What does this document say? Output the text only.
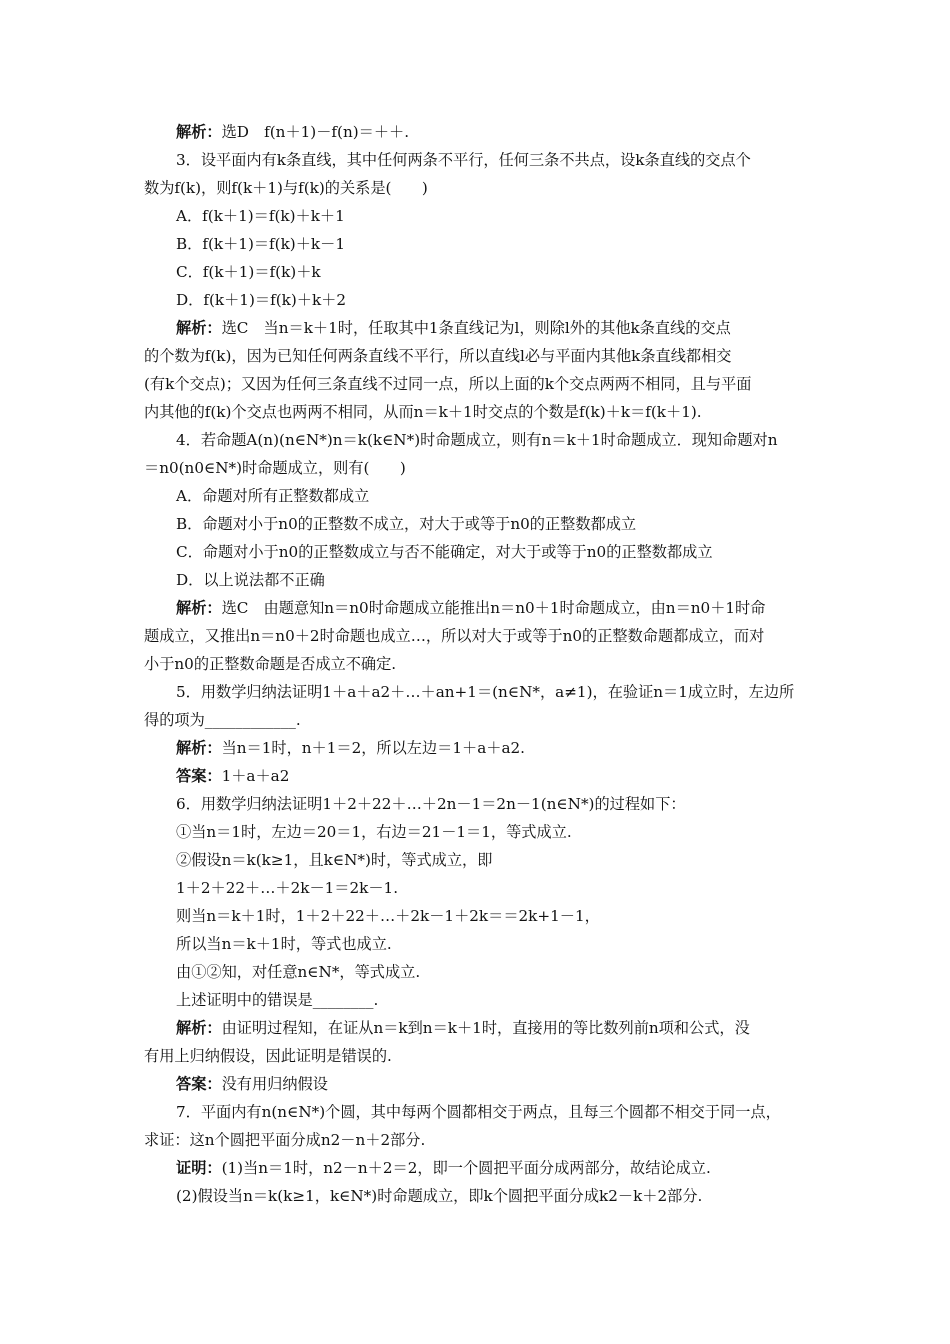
解析：选D　f(n＋1)－f(n)＝＋＋.

3．设平面内有k条直线，其中任何两条不平行，任何三条不共点，设k条直线的交点个

数为f(k)，则f(k＋1)与f(k)的关系是(　　)

A．f(k＋1)＝f(k)＋k＋1

B．f(k＋1)＝f(k)＋k－1

C．f(k＋1)＝f(k)＋k

D．f(k＋1)＝f(k)＋k＋2

解析：选C　当n＝k＋1时，任取其中1条直线记为l，则除l外的其他k条直线的交点

的个数为f(k)，因为已知任何两条直线不平行，所以直线l必与平面内其他k条直线都相交

(有k个交点)；又因为任何三条直线不过同一点，所以上面的k个交点两两不相同，且与平面

内其他的f(k)个交点也两两不相同，从而n＝k＋1时交点的个数是f(k)＋k＝f(k＋1).

4．若命题A(n)(n∈N*)n＝k(k∈N*)时命题成立，则有n＝k＋1时命题成立．现知命题对n

＝n0(n0∈N*)时命题成立，则有(　　)

A．命题对所有正整数都成立

B．命题对小于n0的正整数不成立，对大于或等于n0的正整数都成立

C．命题对小于n0的正整数成立与否不能确定，对大于或等于n0的正整数都成立

D．以上说法都不正确

解析：选C　由题意知n＝n0时命题成立能推出n＝n0＋1时命题成立，由n＝n0＋1时命

题成立，又推出n＝n0＋2时命题也成立…，所以对大于或等于n0的正整数命题都成立，而对

小于n0的正整数命题是否成立不确定.

5．用数学归纳法证明1＋a＋a2＋…＋an+1＝(n∈N*，a≠1)，在验证n＝1成立时，左边所

得的项为____________.

解析：当n＝1时，n＋1＝2，所以左边＝1＋a＋a2.

答案：1＋a＋a2

6．用数学归纳法证明1＋2＋22＋…＋2n－1＝2n－1(n∈N*)的过程如下：

①当n＝1时，左边＝20＝1，右边＝21－1＝1，等式成立.

②假设n＝k(k≥1，且k∈N*)时，等式成立，即

1＋2＋22＋…＋2k－1＝2k－1.

则当n＝k＋1时，1＋2＋22＋…＋2k－1＋2k＝＝2k+1－1，

所以当n＝k＋1时，等式也成立.

由①②知，对任意n∈N*，等式成立.

上述证明中的错误是________.

解析：由证明过程知，在证从n＝k到n＝k＋1时，直接用的等比数列前n项和公式，没

有用上归纳假设，因此证明是错误的.

答案：没有用归纳假设

7．平面内有n(n∈N*)个圆，其中每两个圆都相交于两点，且每三个圆都不相交于同一点，

求证：这n个圆把平面分成n2－n＋2部分.

证明：(1)当n＝1时，n2－n＋2＝2，即一个圆把平面分成两部分，故结论成立.

(2)假设当n＝k(k≥1，k∈N*)时命题成立，即k个圆把平面分成k2－k＋2部分.
